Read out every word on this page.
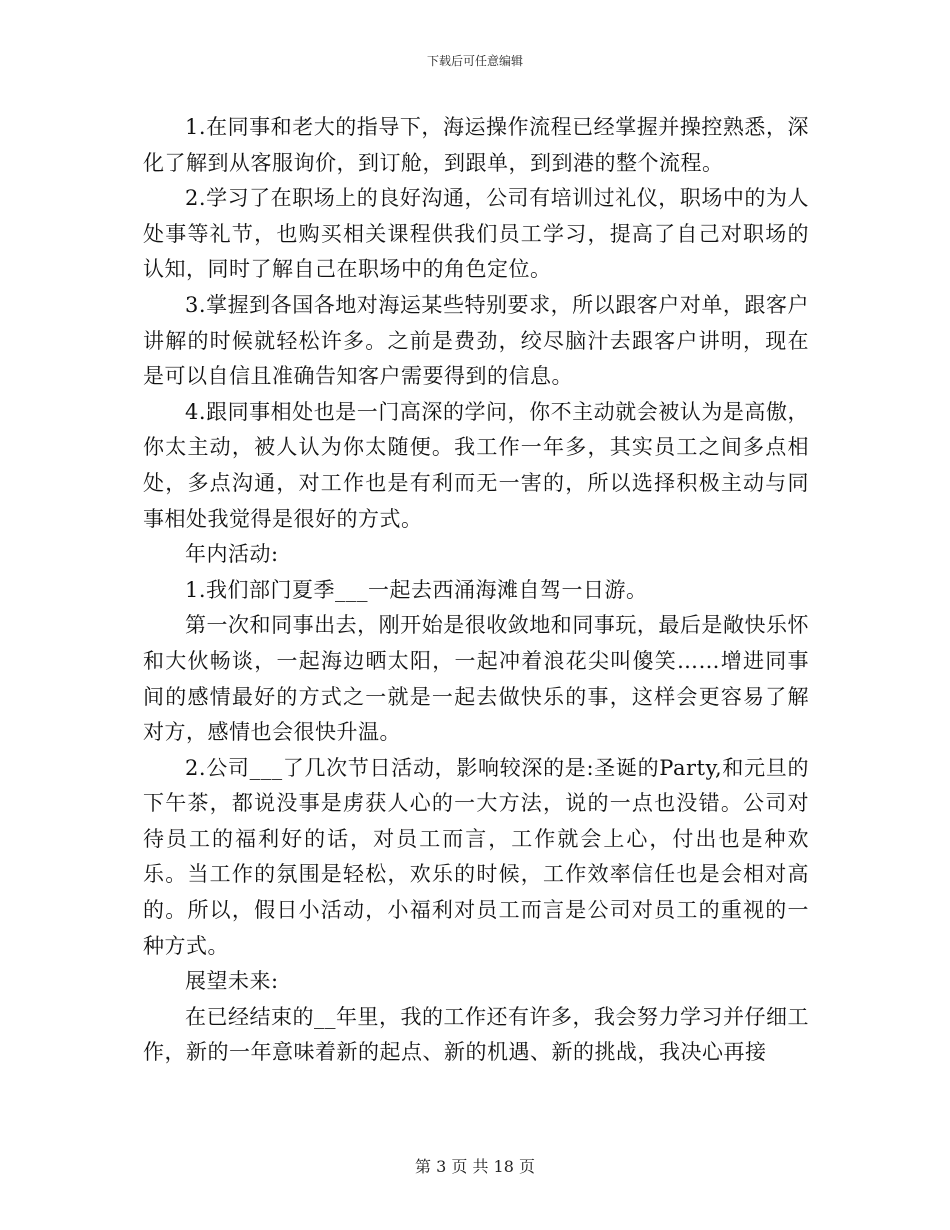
下载后可任意编辑

1.在同事和老大的指导下，海运操作流程已经掌握并操控熟悉，深化了解到从客服询价，到订舱，到跟单，到到港的整个流程。

2.学习了在职场上的良好沟通，公司有培训过礼仪，职场中的为人处事等礼节，也购买相关课程供我们员工学习，提高了自己对职场的认知，同时了解自己在职场中的角色定位。

3.掌握到各国各地对海运某些特别要求，所以跟客户对单，跟客户讲解的时候就轻松许多。之前是费劲，绞尽脑汁去跟客户讲明，现在是可以自信且准确告知客户需要得到的信息。

4.跟同事相处也是一门高深的学问，你不主动就会被认为是高傲，你太主动，被人认为你太随便。我工作一年多，其实员工之间多点相处，多点沟通，对工作也是有利而无一害的，所以选择积极主动与同事相处我觉得是很好的方式。

年内活动:

1.我们部门夏季___一起去西涌海滩自驾一日游。

第一次和同事出去，刚开始是很收敛地和同事玩，最后是敞快乐怀和大伙畅谈，一起海边晒太阳，一起冲着浪花尖叫傻笑……增进同事间的感情最好的方式之一就是一起去做快乐的事，这样会更容易了解对方，感情也会很快升温。

2.公司___了几次节日活动，影响较深的是:圣诞的Party,和元旦的下午茶，都说没事是虏获人心的一大方法，说的一点也没错。公司对待员工的福利好的话，对员工而言，工作就会上心，付出也是种欢乐。当工作的氛围是轻松，欢乐的时候，工作效率信任也是会相对高的。所以，假日小活动，小福利对员工而言是公司对员工的重视的一种方式。

展望未来:

在已经结束的__年里，我的工作还有许多，我会努力学习并仔细工作，新的一年意味着新的起点、新的机遇、新的挑战，我决心再接

第 3 页 共 18 页
